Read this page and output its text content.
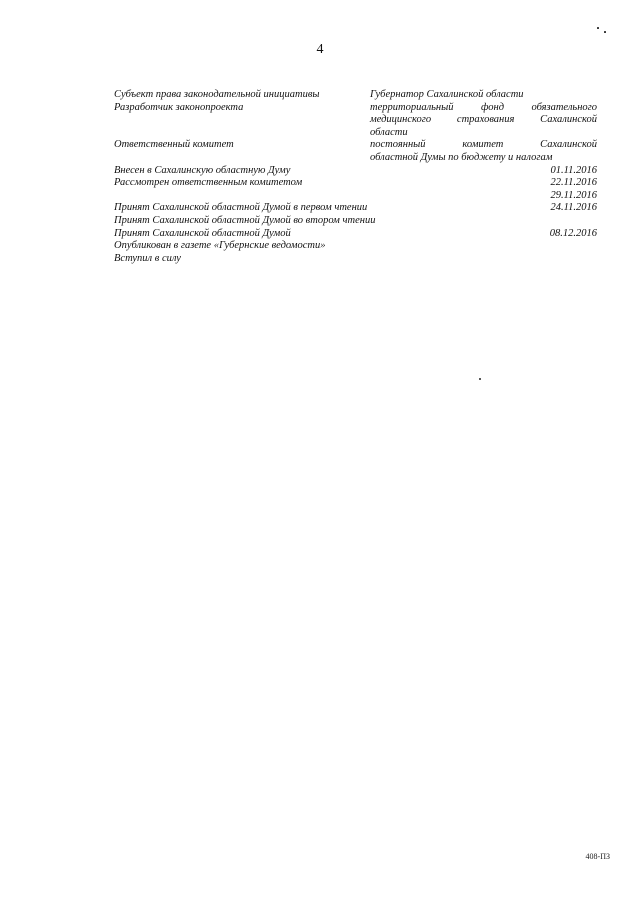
4
Субъект права законодательной инициативы
Разработчик законопроекта
Ответственный комитет
Внесен в Сахалинскую областную Думу
Рассмотрен ответственным комитетом
Принят Сахалинской областной Думой в первом чтении
Принят Сахалинской областной Думой во втором чтении
Принят Сахалинской областной Думой
Опубликован в газете «Губернские ведомости»
Вступил в силу
Губернатор Сахалинской области
территориальный фонд обязательного
медицинского страхования Сахалинской
области
постоянный комитет Сахалинской
областной Думы по бюджету и налогам
01.11.2016
22.11.2016
29.11.2016
24.11.2016
08.12.2016
408-ПЗ
